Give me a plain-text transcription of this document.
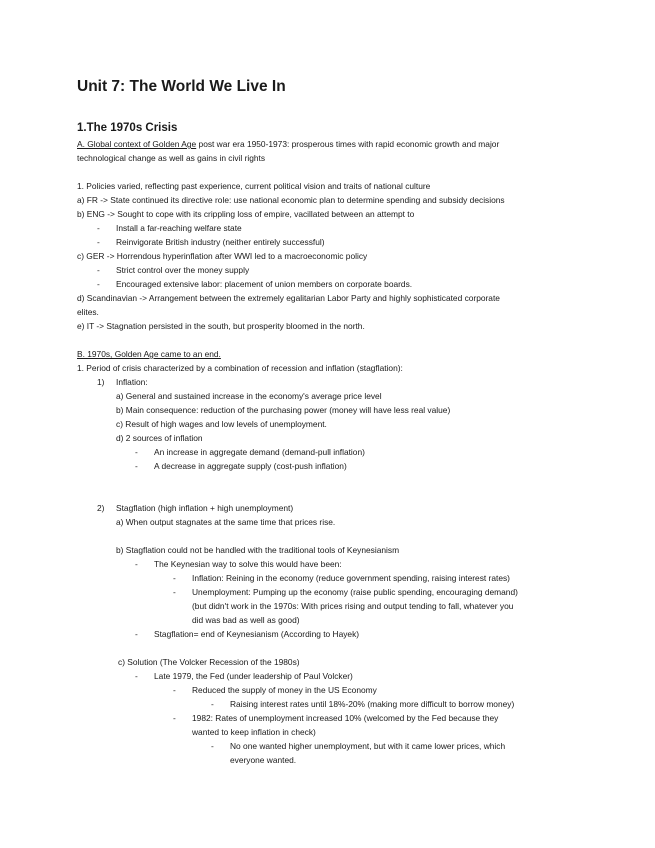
Unit 7: The World We Live In
1.The 1970s Crisis
A. Global context of Golden Age post war era 1950-1973: prosperous times with rapid economic growth and major
technological change as well as gains in civil rights
1. Policies varied, reflecting past experience, current political vision and traits of national culture
a) FR -> State continued its directive role: use national economic plan to determine spending and subsidy decisions
b) ENG -> Sought to cope with its crippling loss of empire, vacillated between an attempt to
- Install a far-reaching welfare state
- Reinvigorate British industry (neither entirely successful)
c) GER -> Horrendous hyperinflation after WWI led to a macroeconomic policy
- Strict control over the money supply
- Encouraged extensive labor: placement of union members on corporate boards.
d) Scandinavian -> Arrangement between the extremely egalitarian Labor Party and highly sophisticated corporate
elites.
e) IT -> Stagnation persisted in the south, but prosperity bloomed in the north.
B. 1970s, Golden Age came to an end.
1. Period of crisis characterized by a combination of recession and inflation (stagflation):
1) Inflation:
a) General and sustained increase in the economy's average price level
b) Main consequence: reduction of the purchasing power (money will have less real value)
c) Result of high wages and low levels of unemployment.
d) 2 sources of inflation
- An increase in aggregate demand (demand-pull inflation)
- A decrease in aggregate supply (cost-push inflation)
2) Stagflation (high inflation + high unemployment)
a) When output stagnates at the same time that prices rise.
b) Stagflation could not be handled with the traditional tools of Keynesianism
- The Keynesian way to solve this would have been:
- Inflation: Reining in the economy (reduce government spending, raising interest rates)
- Unemployment: Pumping up the economy (raise public spending, encouraging demand)
(but didn't work in the 1970s: With prices rising and output tending to fall, whatever you
did was bad as well as good)
- Stagflation= end of Keynesianism (According to Hayek)
c) Solution (The Volcker Recession of the 1980s)
- Late 1979, the Fed (under leadership of Paul Volcker)
- Reduced the supply of money in the US Economy
- Raising interest rates until 18%-20% (making more difficult to borrow money)
- 1982: Rates of unemployment increased 10% (welcomed by the Fed because they
wanted to keep inflation in check)
- No one wanted higher unemployment, but with it came lower prices, which
everyone wanted.
